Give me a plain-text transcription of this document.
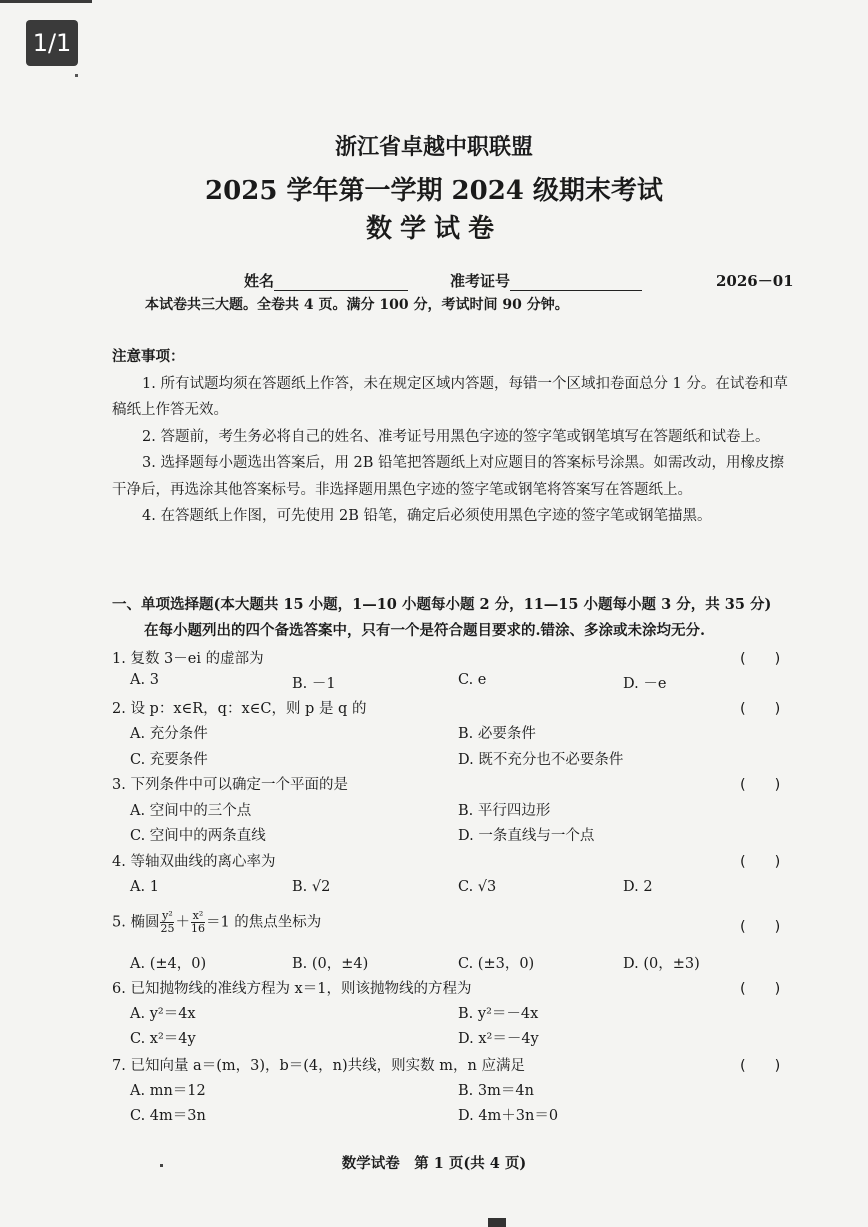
1/1
浙江省卓越中职联盟
2025 学年第一学期 2024 级期末考试
数学试卷
姓名	准考证号	2026－01
本试卷共三大题。全卷共 4 页。满分 100 分，考试时间 90 分钟。
注意事项：

1. 所有试题均须在答题纸上作答，未在规定区域内答题，每错一个区域扣卷面总分 1 分。在试卷和草稿纸上作答无效。

2. 答题前，考生务必将自己的姓名、准考证号用黑色字迹的签字笔或钢笔填写在答题纸和试卷上。

3. 选择题每小题选出答案后，用 2B 铅笔把答题纸上对应题目的答案标号涂黑。如需改动，用橡皮擦干净后，再选涂其他答案标号。非选择题用黑色字迹的签字笔或钢笔将答案写在答题纸上。

4. 在答题纸上作图，可先使用 2B 铅笔，确定后必须使用黑色字迹的签字笔或钢笔描黑。

一、单项选择题(本大题共 15 小题，1—10 小题每小题 2 分，11—15 小题每小题 3 分，共 35 分)
在每小题列出的四个备选答案中，只有一个是符合题目要求的.错涂、多涂或未涂均无分.
1. 复数 3－ei 的虚部为	(　　)
A. 3	B. －1	C. e	D. －e
2. 设 p：x∈R，q：x∈C，则 p 是 q 的	(　　)
A. 充分条件	B. 必要条件
C. 充要条件	D. 既不充分也不必要条件
3. 下列条件中可以确定一个平面的是	(　　)
A. 空间中的三个点	B. 平行四边形
C. 空间中的两条直线	D. 一条直线与一个点
4. 等轴双曲线的离心率为	(　　)
A. 1	B. √2	C. √3	D. 2
5. 椭圆 $\frac{\text{y²}}{25} + \frac{\text{x²}}{16} =1$ 的焦点坐标为	(　　)
A. (±4，0)	B. (0，±4)	C. (±3，0)	D. (0，±3)
6. 已知抛物线的准线方程为 x＝1，则该抛物线的方程为	(　　)
A. y²＝4x	B. y²＝－4x
C. x²＝4y	D. x²＝－4y
7. 已知向量 a＝(m，3)，b＝(4，n)共线，则实数 m，n 应满足	(　　)
A. mn＝12	B. 3m＝4n
C. 4m＝3n	D. 4m＋3n＝0
数学试卷　第 1 页(共 4 页)
